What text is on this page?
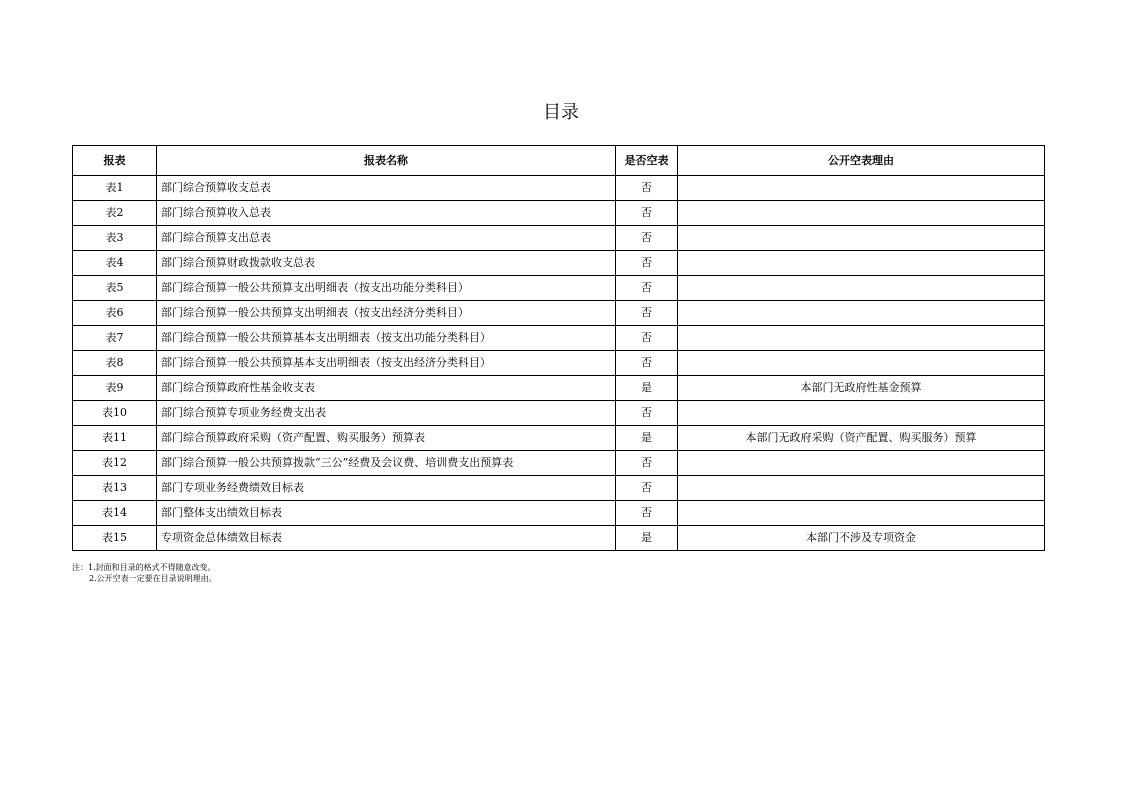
目录
报表	报表名称	是否空表	公开空表理由
表1	部门综合预算收支总表	否	
表2	部门综合预算收入总表	否	
表3	部门综合预算支出总表	否	
表4	部门综合预算财政拨款收支总表	否	
表5	部门综合预算一般公共预算支出明细表（按支出功能分类科目）	否	
表6	部门综合预算一般公共预算支出明细表（按支出经济分类科目）	否	
表7	部门综合预算一般公共预算基本支出明细表（按支出功能分类科目）	否	
表8	部门综合预算一般公共预算基本支出明细表（按支出经济分类科目）	否	
表9	部门综合预算政府性基金收支表	是	本部门无政府性基金预算
表10	部门综合预算专项业务经费支出表	否	
表11	部门综合预算政府采购（资产配置、购买服务）预算表	是	本部门无政府采购（资产配置、购买服务）预算
表12	部门综合预算一般公共预算拨款“三公”经费及会议费、培训费支出预算表	否	
表13	部门专项业务经费绩效目标表	否	
表14	部门整体支出绩效目标表	否	
表15	专项资金总体绩效目标表	是	本部门不涉及专项资金
注：1.封面和目录的格式不得随意改变。
2.公开空表一定要在目录说明理由。
